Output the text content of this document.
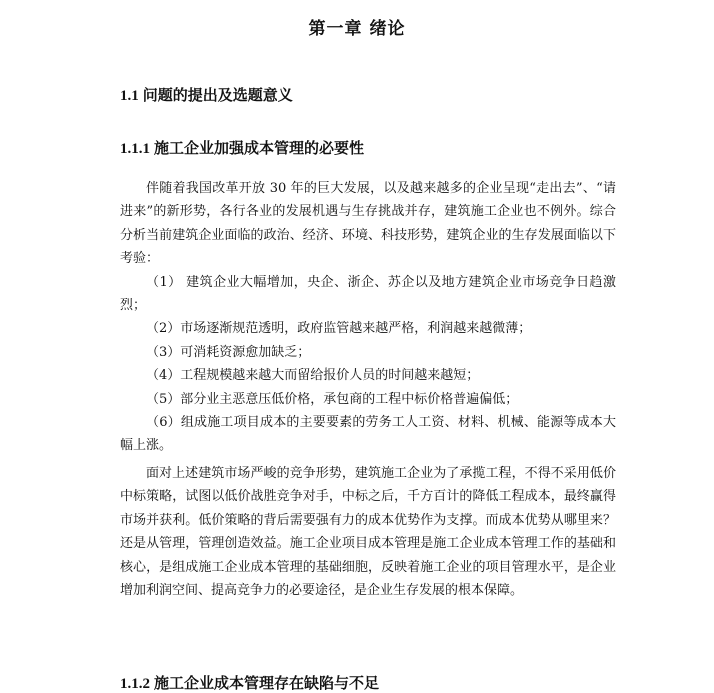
第一章 绪论
1.1 问题的提出及选题意义
1.1.1 施工企业加强成本管理的必要性

伴随着我国改革开放 30 年的巨大发展，以及越来越多的企业呈现“走出去”、“请进来”的新形势，各行各业的发展机遇与生存挑战并存，建筑施工企业也不例外。综合分析当前建筑企业面临的政治、经济、环境、科技形势，建筑企业的生存发展面临以下考验：

（1） 建筑企业大幅增加，央企、浙企、苏企以及地方建筑企业市场竞争日趋激烈；

（2）市场逐渐规范透明，政府监管越来越严格，利润越来越微薄；

（3）可消耗资源愈加缺乏；

（4）工程规模越来越大而留给报价人员的时间越来越短；

（5）部分业主恶意压低价格，承包商的工程中标价格普遍偏低；

（6）组成施工项目成本的主要要素的劳务工人工资、材料、机械、能源等成本大幅上涨。

面对上述建筑市场严峻的竞争形势，建筑施工企业为了承揽工程，不得不采用低价中标策略，试图以低价战胜竞争对手，中标之后，千方百计的降低工程成本，最终赢得市场并获利。低价策略的背后需要强有力的成本优势作为支撑。而成本优势从哪里来？还是从管理，管理创造效益。施工企业项目成本管理是施工企业成本管理工作的基础和核心，是组成施工企业成本管理的基础细胞，反映着施工企业的项目管理水平，是企业增加利润空间、提高竞争力的必要途径，是企业生存发展的根本保障。

1.1.2 施工企业成本管理存在缺陷与不足
